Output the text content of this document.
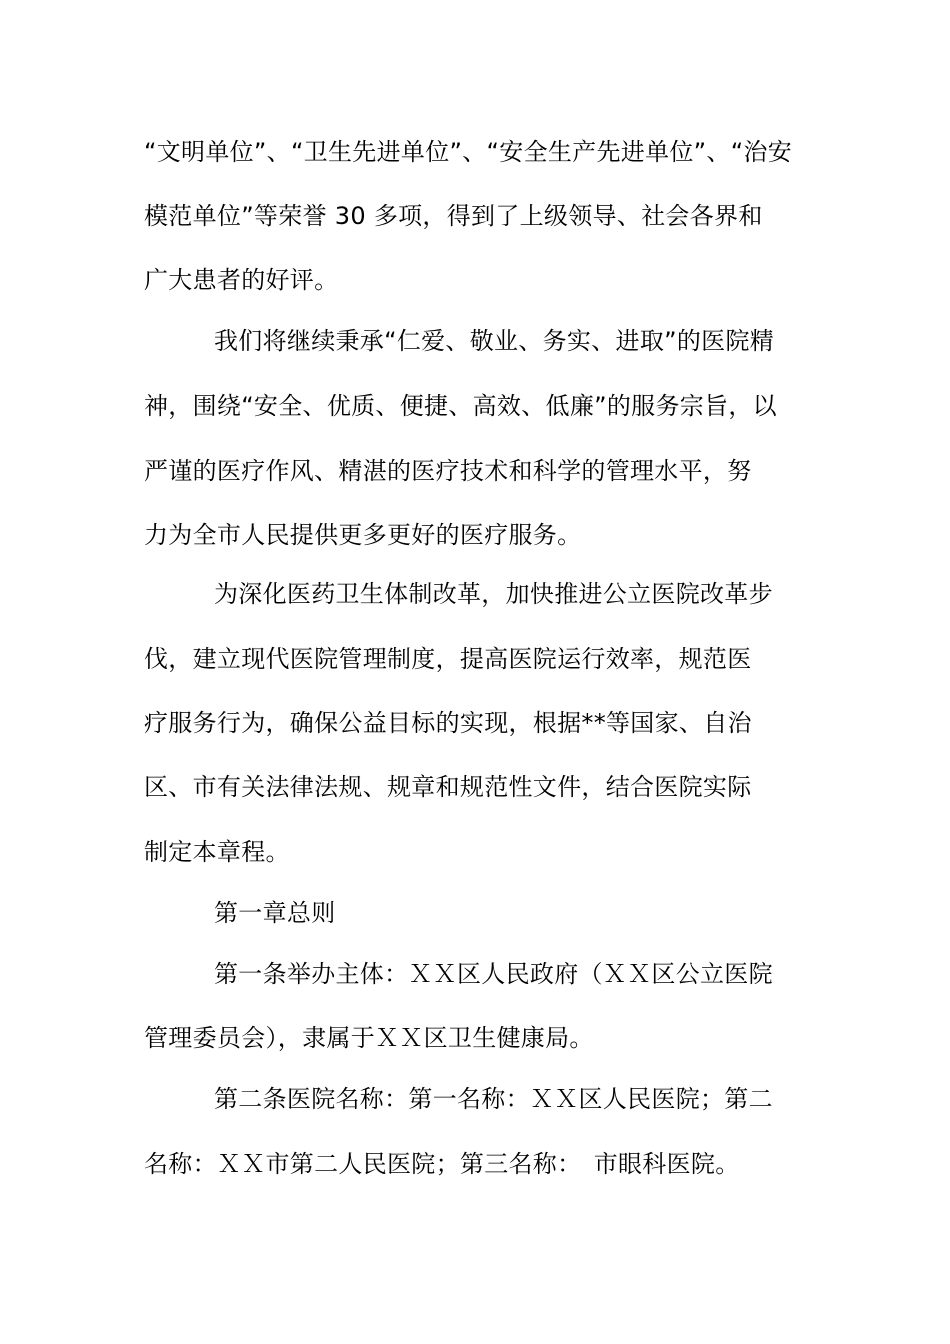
“文明单位”、“卫生先进单位”、“安全生产先进单位”、“治安
模范单位”等荣誉 30 多项，得到了上级领导、社会各界和
广大患者的好评。
我们将继续秉承“仁爱、敬业、务实、进取”的医院精
神，围绕“安全、优质、便捷、高效、低廉”的服务宗旨，以
严谨的医疗作风、精湛的医疗技术和科学的管理水平，努
力为全市人民提供更多更好的医疗服务。
为深化医药卫生体制改革，加快推进公立医院改革步
伐，建立现代医院管理制度，提高医院运行效率，规范医
疗服务行为，确保公益目标的实现，根据**等国家、自治
区、市有关法律法规、规章和规范性文件，结合医院实际
制定本章程。
第一章总则
第一条举办主体：ＸＸ区人民政府（ＸＸ区公立医院
管理委员会），隶属于ＸＸ区卫生健康局。
第二条医院名称：第一名称：ＸＸ区人民医院；第二
名称：ＸＸ市第二人民医院；第三名称：　市眼科医院。
